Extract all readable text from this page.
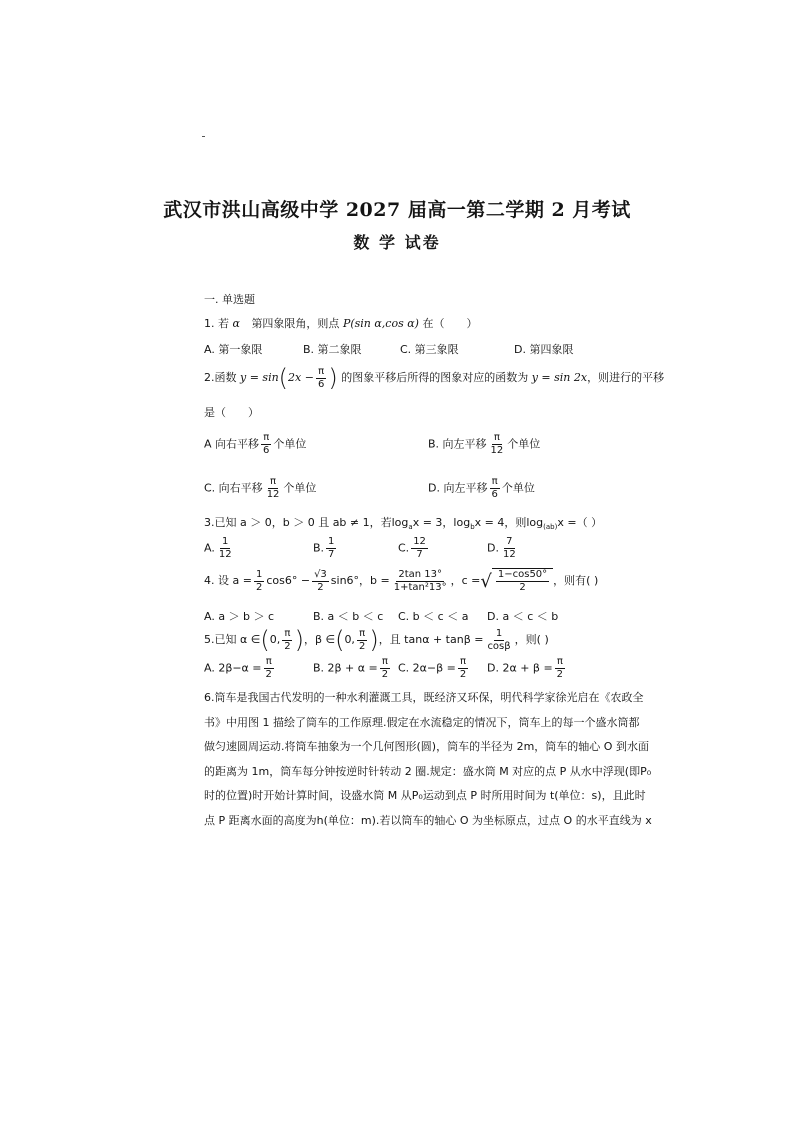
武汉市洪山高级中学 2027 届高一第二学期 2 月考试
数 学 试卷
一. 单选题
1. 若 α 第四象限角，则点 P(sin α,cos α) 在（　　）
A. 第一象限	B. 第二象限	C. 第三象限	D. 第四象限
2.函数 $y = \sin(2x - \frac{\pi}{6}$ ) 的图象平移后所得的图象对应的函数为 y = sin 2x，则进行的平移
是（　　）
A 向右平移 $\frac{\pi}{6}$ 个单位	B. 向左平移 $\frac{\pi}{12}$ 个单位
C. 向右平移 $\frac{\pi}{12}$ 个单位	D. 向左平移 $\frac{\pi}{6}$ 个单位
3.已知 a ＞ 0，b ＞ 0 且 ab ≠ 1，若$\log_ax = 3$，$\log_bx = 4$，则$\log_{(ab)}x$ =（ ）
A. $\frac{1}{12}$	B. $\frac{1}{7}$	C. $\frac{12}{7}$	D. $\frac{7}{12}$
4. 设 $a = \frac{1}{2} \cos 6^\circ - \frac{√3}{2} \sin 6^\circ$，$b = \frac{2\tan 13^\circ}{\text{1+tan²13°}}$ ，c = √ $\frac{1-\cos 50^\circ}{2}$ ，则有( )
A. a ＞ b ＞ c	B. a ＜ b ＜ c C. b ＜ c ＜ a D. a ＜ c ＜ b
5.已知 α ∈(0, $\frac{\pi}{2}$ )，β ∈(0, $\frac{\pi}{2}$ )，且 $\tan\alpha + \tan\beta = \frac{1}{\cos\beta}$ ，则( )
A. $2\beta-\alpha = \frac{\pi}{2}$	B. $2\beta + \alpha = \frac{\pi}{2} C$. $2\alpha-\beta = \frac{\pi}{2} D$. $2\alpha + \beta = \frac{\pi}{2}$
6.筒车是我国古代发明的一种水利灌溉工具，既经济又环保，明代科学家徐光启在《农政全
书》中用图 1 描绘了筒车的工作原理.假定在水流稳定的情况下，筒车上的每一个盛水筒都
做匀速圆周运动.将筒车抽象为一个几何图形(圆)，筒车的半径为 2m，筒车的轴心 O 到水面
的距离为 1m，筒车每分钟按逆时针转动 2 圈.规定：盛水筒 M 对应的点 P 从水中浮现(即P₀
时的位置)时开始计算时间，设盛水筒 M 从P₀运动到点 P 时所用时间为 t(单位：s)，且此时
点 P 距离水面的高度为h(单位：m).若以筒车的轴心 O 为坐标原点，过点 O 的水平直线为 x
